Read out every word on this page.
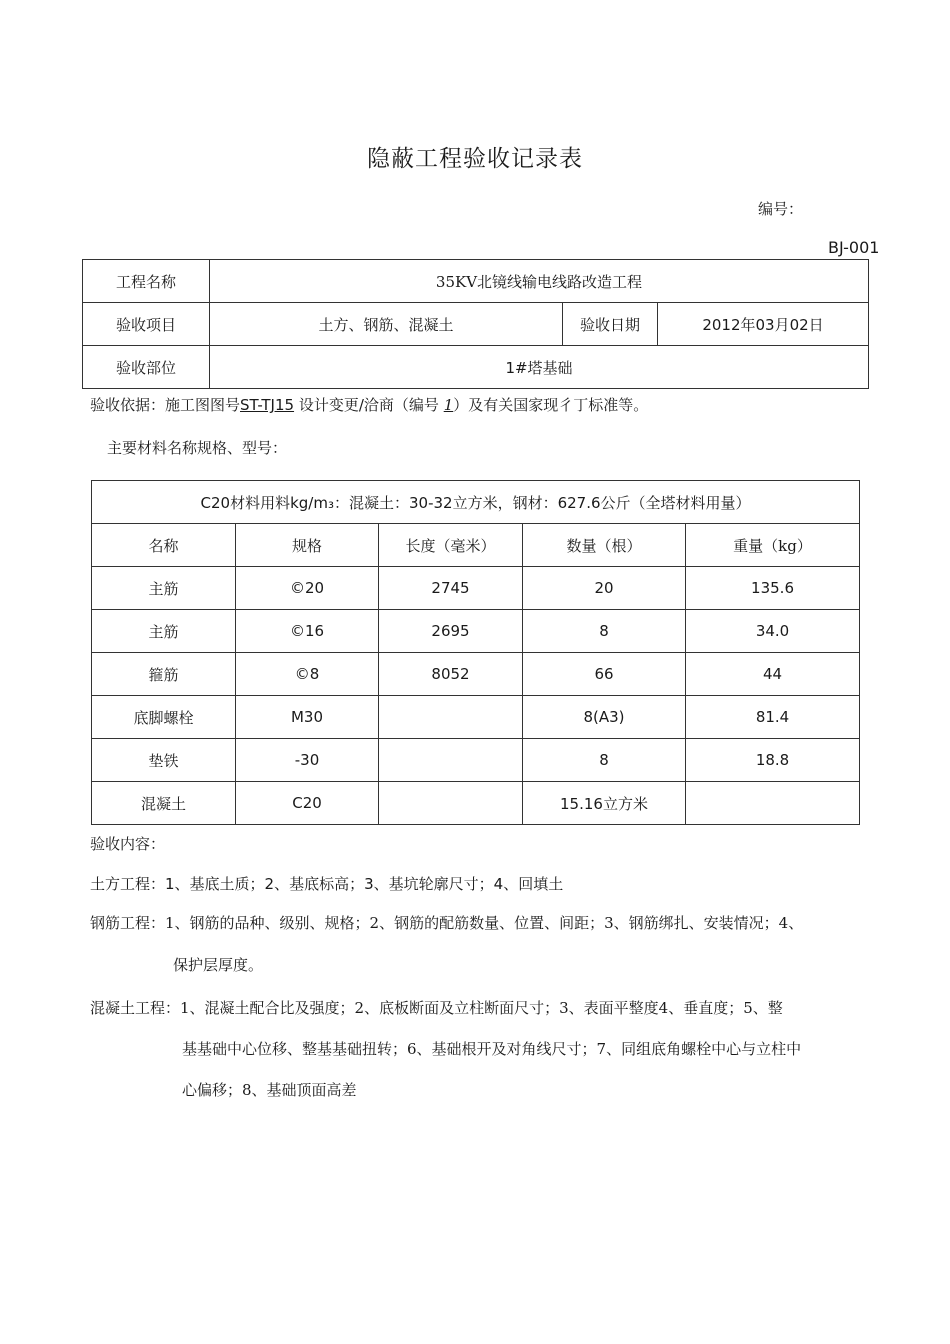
隐蔽工程验收记录表
编号：
BJ-001
工程名称	35KV北镜线输电线路改造工程		
验收项目	土方、钢筋、混凝土	验收日期	2012年03月02日
验收部位	1#塔基础		
验收依据：施工图图号ST-TJ15 设计变更/洽商（编号 1）及有关国家现彳丁标准等。
主要材料名称规格、型号：
C20材料用料kg/m₃：混凝土：30-32立方米，钢材：627.6公斤（全塔材料用量）				
名称	规格	长度（毫米）	数量（根）	重量（kg）
主筋	©20	2745	20	135.6
主筋	©16	2695	8	34.0
箍筋	©8	8052	66	44
底脚螺栓	M30		8(A3)	81.4
垫铁	-30		8	18.8
混凝土	C20		15.16立方米	
验收内容：
土方工程：1、基底土质；2、基底标高；3、基坑轮廓尺寸；4、回填土
钢筋工程：1、钢筋的品种、级别、规格；2、钢筋的配筋数量、位置、间距；3、钢筋绑扎、安装情况；4、
保护层厚度。
混凝土工程：1、混凝土配合比及强度；2、底板断面及立柱断面尺寸；3、表面平整度4、垂直度；5、整
基基础中心位移、整基基础扭转；6、基础根开及对角线尺寸；7、同组底角螺栓中心与立柱中
心偏移；8、基础顶面高差
